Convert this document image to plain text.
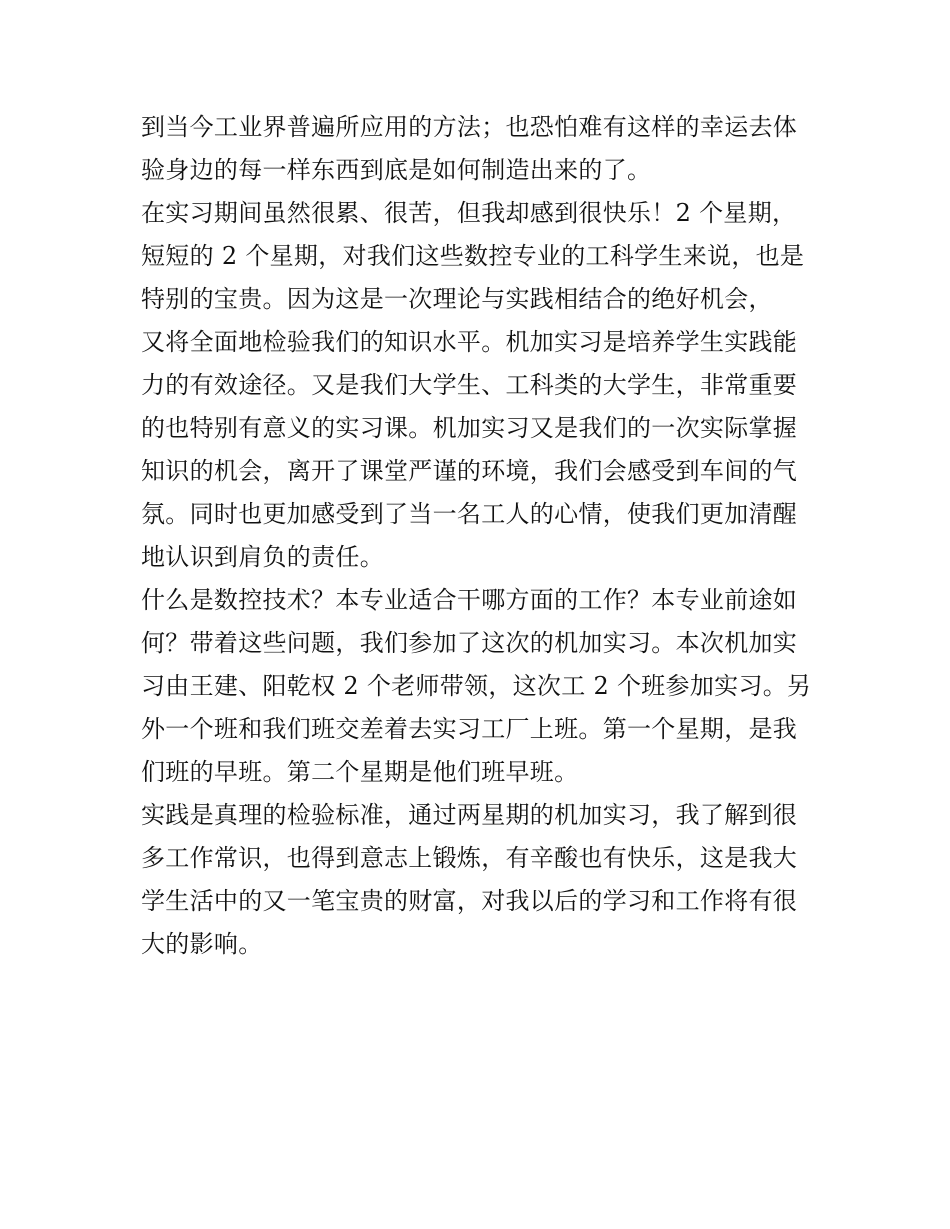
到当今工业界普遍所应用的方法；也恐怕难有这样的幸运去体
验身边的每一样东西到底是如何制造出来的了。
在实习期间虽然很累、很苦，但我却感到很快乐！2 个星期，
短短的 2 个星期，对我们这些数控专业的工科学生来说，也是
特别的宝贵。因为这是一次理论与实践相结合的绝好机会，
又将全面地检验我们的知识水平。机加实习是培养学生实践能
力的有效途径。又是我们大学生、工科类的大学生，非常重要
的也特别有意义的实习课。机加实习又是我们的一次实际掌握
知识的机会，离开了课堂严谨的环境，我们会感受到车间的气
氛。同时也更加感受到了当一名工人的心情，使我们更加清醒
地认识到肩负的责任。
什么是数控技术？本专业适合干哪方面的工作？本专业前途如
何？带着这些问题，我们参加了这次的机加实习。本次机加实
习由王建、阳乾权 2 个老师带领，这次工 2 个班参加实习。另
外一个班和我们班交差着去实习工厂上班。第一个星期，是我
们班的早班。第二个星期是他们班早班。
实践是真理的检验标准，通过两星期的机加实习，我了解到很
多工作常识，也得到意志上锻炼，有辛酸也有快乐，这是我大
学生活中的又一笔宝贵的财富，对我以后的学习和工作将有很
大的影响。
